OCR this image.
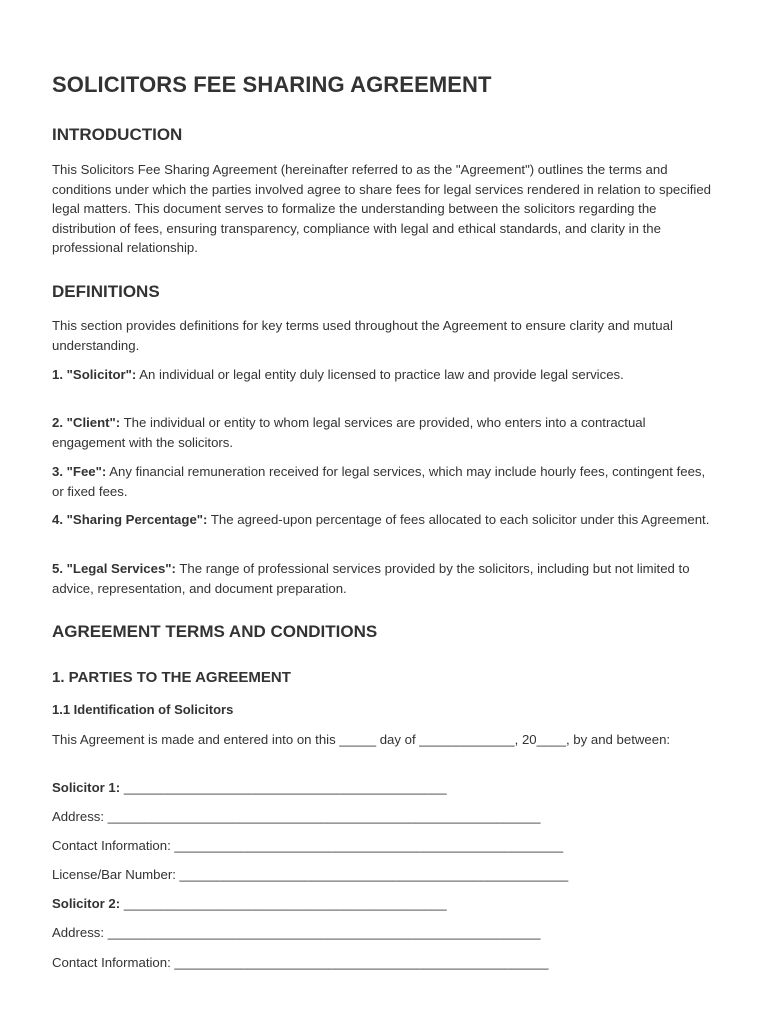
SOLICITORS FEE SHARING AGREEMENT
INTRODUCTION

This Solicitors Fee Sharing Agreement (hereinafter referred to as the "Agreement") outlines the terms and conditions under which the parties involved agree to share fees for legal services rendered in relation to specified legal matters. This document serves to formalize the understanding between the solicitors regarding the distribution of fees, ensuring transparency, compliance with legal and ethical standards, and clarity in the professional relationship.

DEFINITIONS

This section provides definitions for key terms used throughout the Agreement to ensure clarity and mutual understanding.

1. "Solicitor": An individual or legal entity duly licensed to practice law and provide legal services.

2. "Client": The individual or entity to whom legal services are provided, who enters into a contractual engagement with the solicitors.

3. "Fee": Any financial remuneration received for legal services, which may include hourly fees, contingent fees, or fixed fees.

4. "Sharing Percentage": The agreed-upon percentage of fees allocated to each solicitor under this Agreement.

5. "Legal Services": The range of professional services provided by the solicitors, including but not limited to advice, representation, and document preparation.

AGREEMENT TERMS AND CONDITIONS
1. PARTIES TO THE AGREEMENT
1.1 Identification of Solicitors

This Agreement is made and entered into on this _____ day of _____________, 20____, by and between:

Solicitor 1: ____________________________________________

Address: ___________________________________________________________

Contact Information: _____________________________________________________

License/Bar Number: _____________________________________________________

Solicitor 2: ____________________________________________

Address: ___________________________________________________________

Contact Information: ___________________________________________________
